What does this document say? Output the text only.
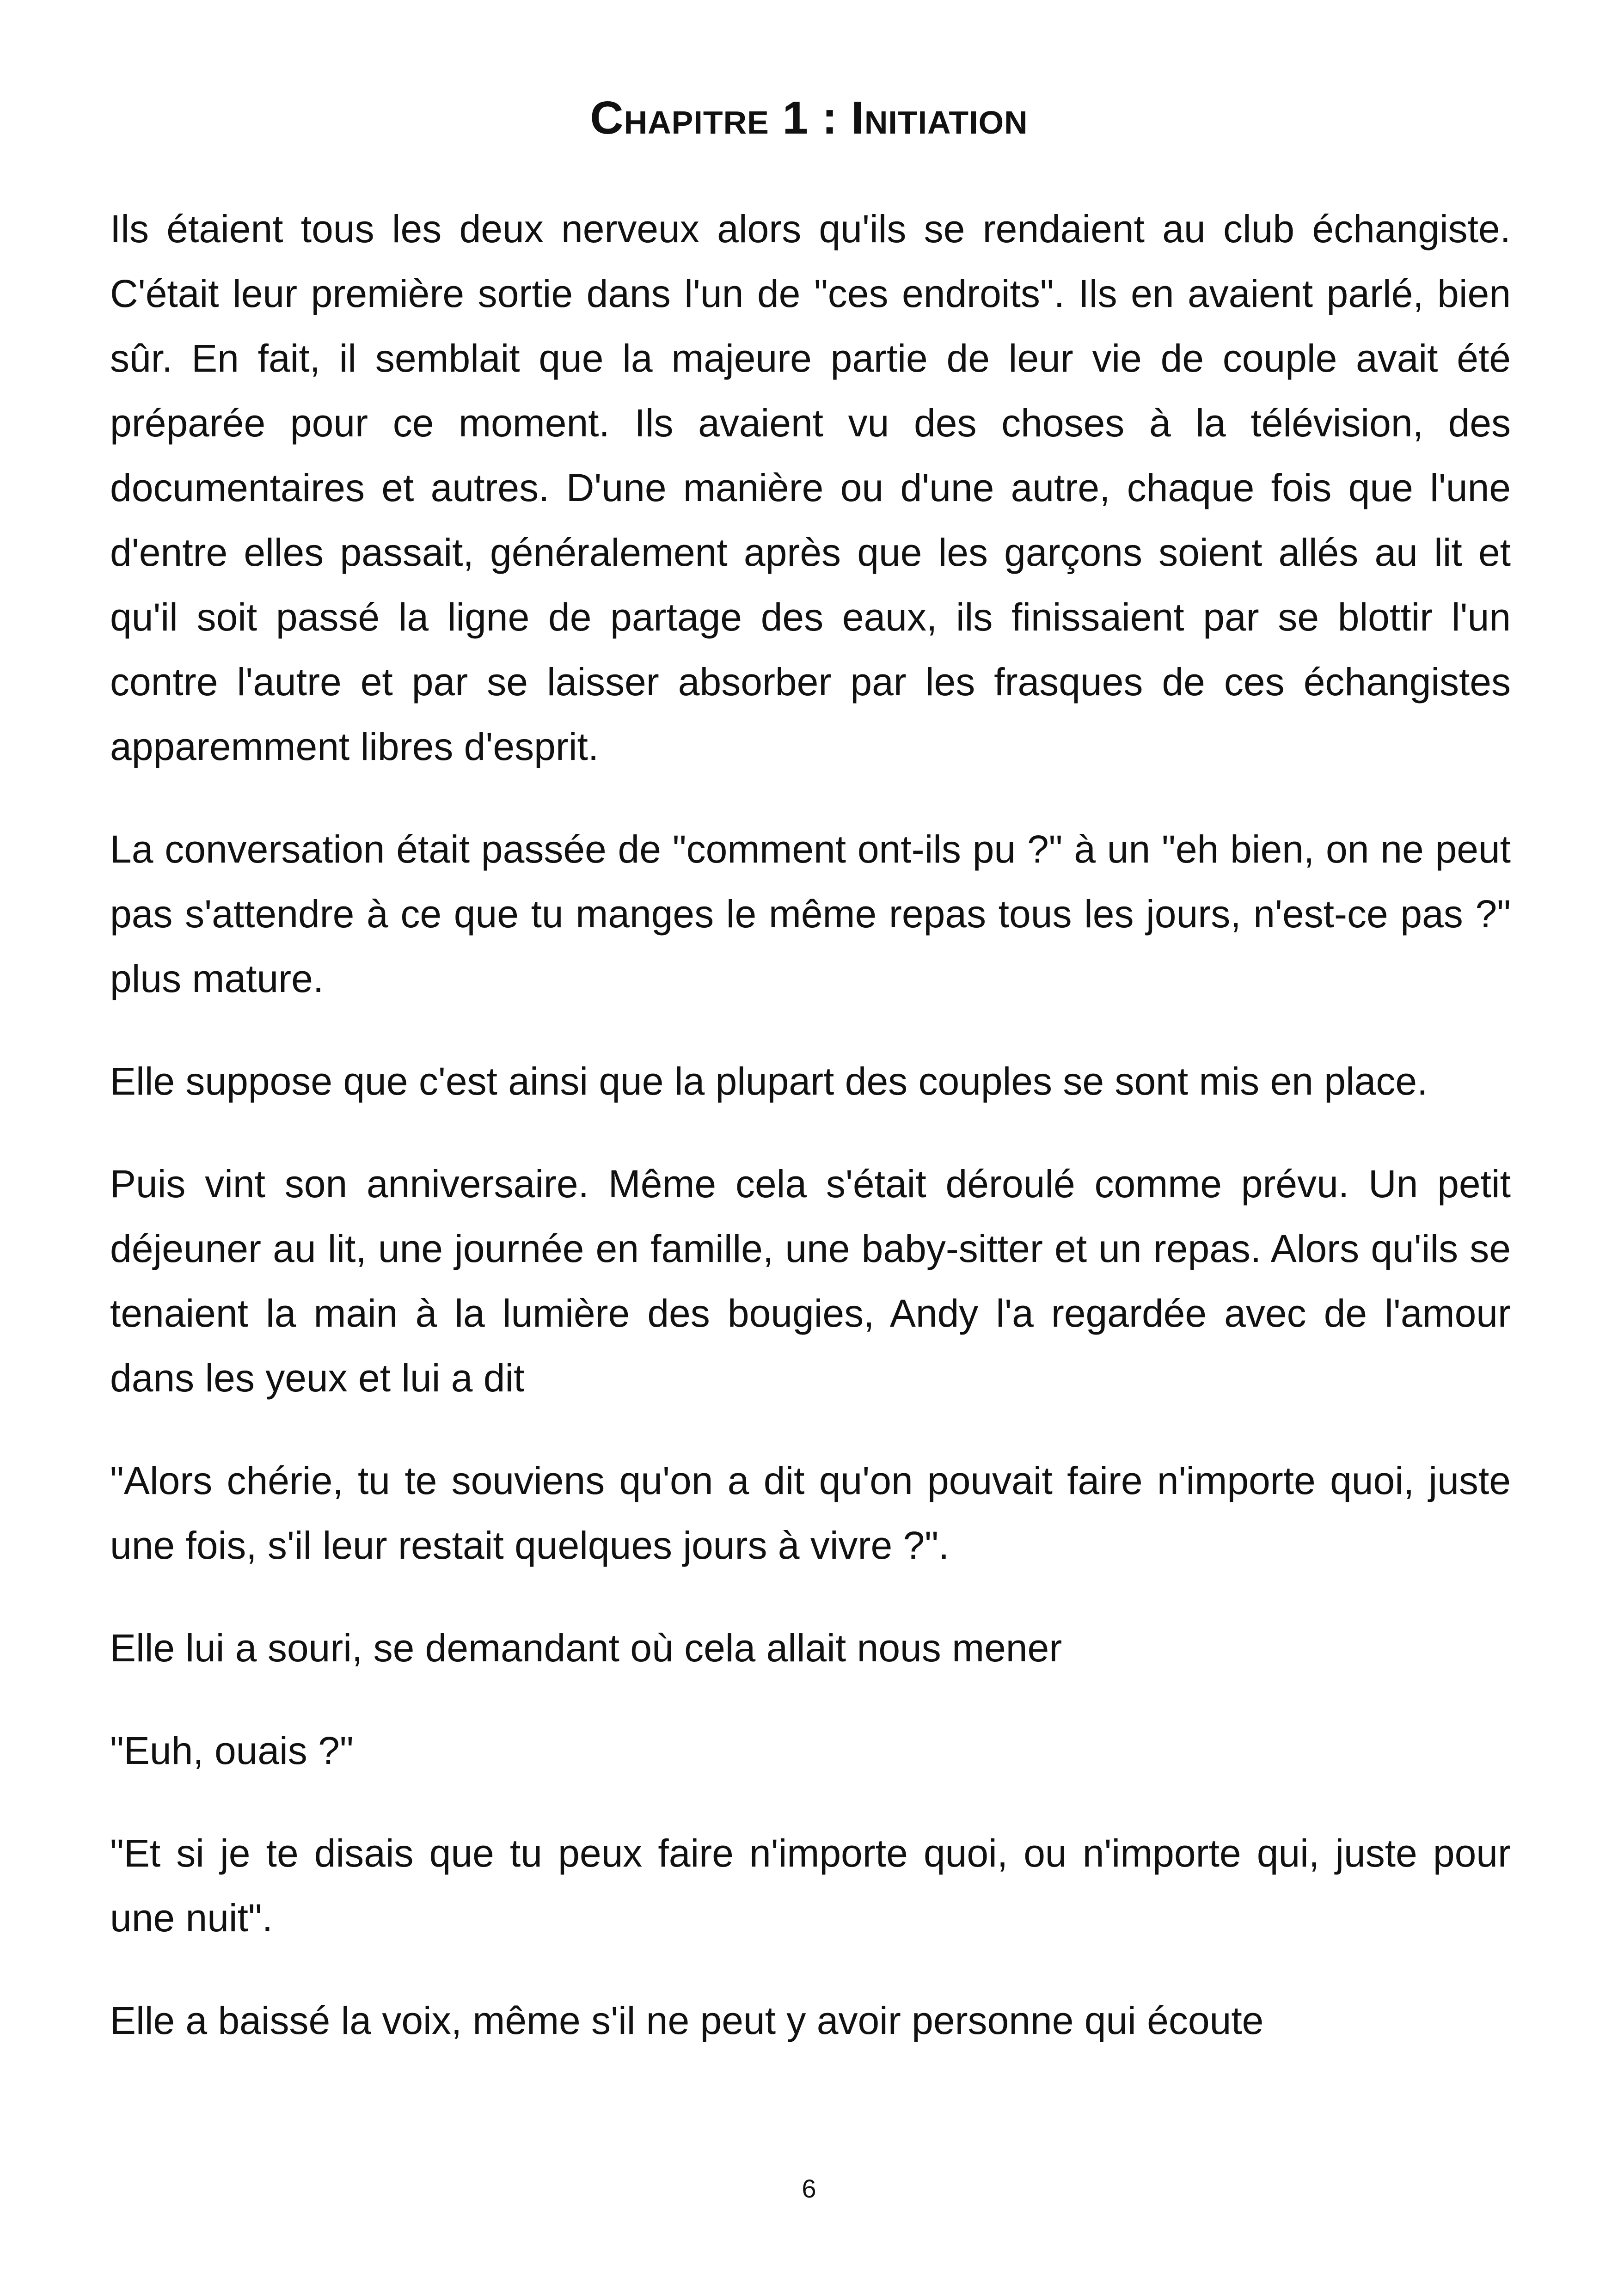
Chapitre 1 : Initiation

Ils étaient tous les deux nerveux alors qu'ils se rendaient au club échangiste. C'était leur première sortie dans l'un de "ces endroits". Ils en avaient parlé, bien sûr. En fait, il semblait que la majeure partie de leur vie de couple avait été préparée pour ce moment. Ils avaient vu des choses à la télévision, des documentaires et autres. D'une manière ou d'une autre, chaque fois que l'une d'entre elles passait, généralement après que les garçons soient allés au lit et qu'il soit passé la ligne de partage des eaux, ils finissaient par se blottir l'un contre l'autre et par se laisser absorber par les frasques de ces échangistes apparemment libres d'esprit.

La conversation était passée de "comment ont-ils pu ?" à un "eh bien, on ne peut pas s'attendre à ce que tu manges le même repas tous les jours, n'est-ce pas ?" plus mature.

Elle suppose que c'est ainsi que la plupart des couples se sont mis en place.

Puis vint son anniversaire. Même cela s'était déroulé comme prévu. Un petit déjeuner au lit, une journée en famille, une baby-sitter et un repas. Alors qu'ils se tenaient la main à la lumière des bougies, Andy l'a regardée avec de l'amour dans les yeux et lui a dit

"Alors chérie, tu te souviens qu'on a dit qu'on pouvait faire n'importe quoi, juste une fois, s'il leur restait quelques jours à vivre ?".

Elle lui a souri, se demandant où cela allait nous mener

"Euh, ouais ?"

"Et si je te disais que tu peux faire n'importe quoi, ou n'importe qui, juste pour une nuit".

Elle a baissé la voix, même s'il ne peut y avoir personne qui écoute

6
